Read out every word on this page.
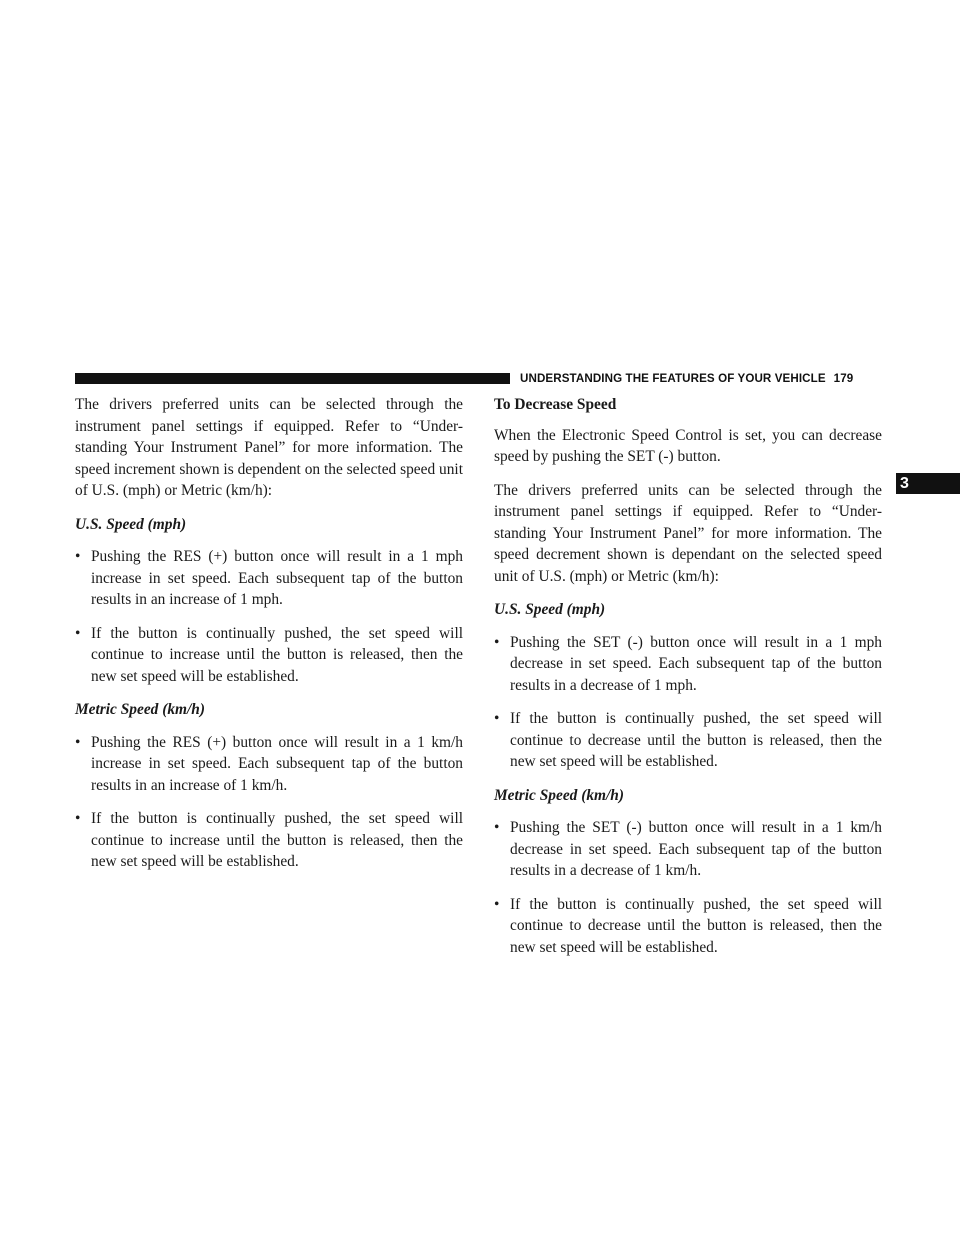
UNDERSTANDING THE FEATURES OF YOUR VEHICLE 179
3

The drivers preferred units can be selected through the instrument panel settings if equipped. Refer to “Under-standing Your Instrument Panel” for more information. The speed increment shown is dependent on the selected speed unit of U.S. (mph) or Metric (km/h):

U.S. Speed (mph)
• Pushing the RES (+) button once will result in a 1 mph increase in set speed. Each subsequent tap of the button results in an increase of 1 mph.
• If the button is continually pushed, the set speed will continue to increase until the button is released, then the new set speed will be established.
Metric Speed (km/h)
• Pushing the RES (+) button once will result in a 1 km/h increase in set speed. Each subsequent tap of the button results in an increase of 1 km/h.
• If the button is continually pushed, the set speed will continue to increase until the button is released, then the new set speed will be established.
To Decrease Speed

When the Electronic Speed Control is set, you can decrease speed by pushing the SET (-) button.

The drivers preferred units can be selected through the instrument panel settings if equipped. Refer to “Under-standing Your Instrument Panel” for more information. The speed decrement shown is dependant on the selected speed unit of U.S. (mph) or Metric (km/h):

U.S. Speed (mph)
• Pushing the SET (-) button once will result in a 1 mph decrease in set speed. Each subsequent tap of the button results in a decrease of 1 mph.
• If the button is continually pushed, the set speed will continue to decrease until the button is released, then the new set speed will be established.
Metric Speed (km/h)
• Pushing the SET (-) button once will result in a 1 km/h decrease in set speed. Each subsequent tap of the button results in a decrease of 1 km/h.
• If the button is continually pushed, the set speed will continue to decrease until the button is released, then the new set speed will be established.
